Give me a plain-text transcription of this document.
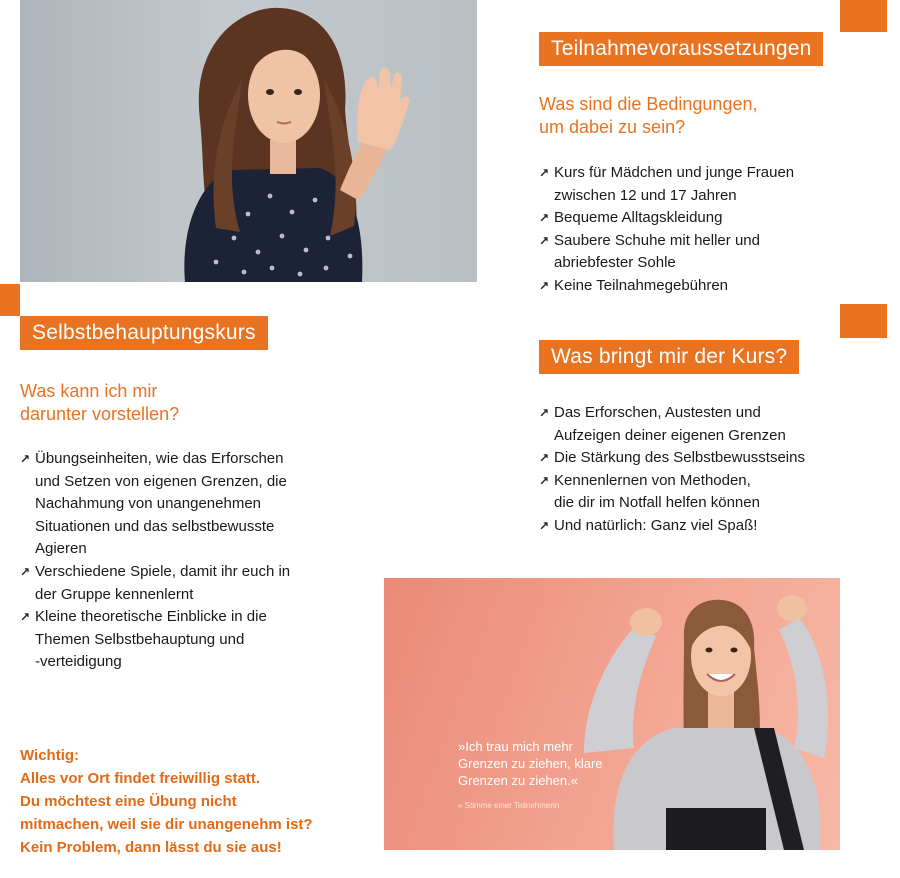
Selbstbehauptungskurs

Was kann ich mir

darunter vorstellen?

↗ Übungseinheiten, wie das Erforschen
und Setzen von eigenen Grenzen, die
Nachahmung von unangenehmen
Situationen und das selbstbewusste
Agieren
↗ Verschiedene Spiele, damit ihr euch in
der Gruppe kennenlernt
↗ Kleine theoretische Einblicke in die
Themen Selbstbehauptung und
-verteidigung
Wichtig:
Alles vor Ort findet freiwillig statt.
Du möchtest eine Übung nicht
mitmachen, weil sie dir unangenehm ist?
Kein Problem, dann lässt du sie aus!
Teilnahmevoraussetzungen

Was sind die Bedingungen,

um dabei zu sein?

↗ Kurs für Mädchen und junge Frauen
zwischen 12 und 17 Jahren
↗ Bequeme Alltagskleidung
↗ Saubere Schuhe mit heller und
abriebfester Sohle
↗ Keine Teilnahmegebühren
Was bringt mir der Kurs?
↗ Das Erforschen, Austesten und
Aufzeigen deiner eigenen Grenzen
↗ Die Stärkung des Selbstbewusstseins
↗ Kennenlernen von Methoden,
die dir im Notfall helfen können
↗ Und natürlich: Ganz viel Spaß!
»Ich trau mich mehr
Grenzen zu ziehen, klare
Grenzen zu ziehen.«
» Stimme einer Teilnehmerin
